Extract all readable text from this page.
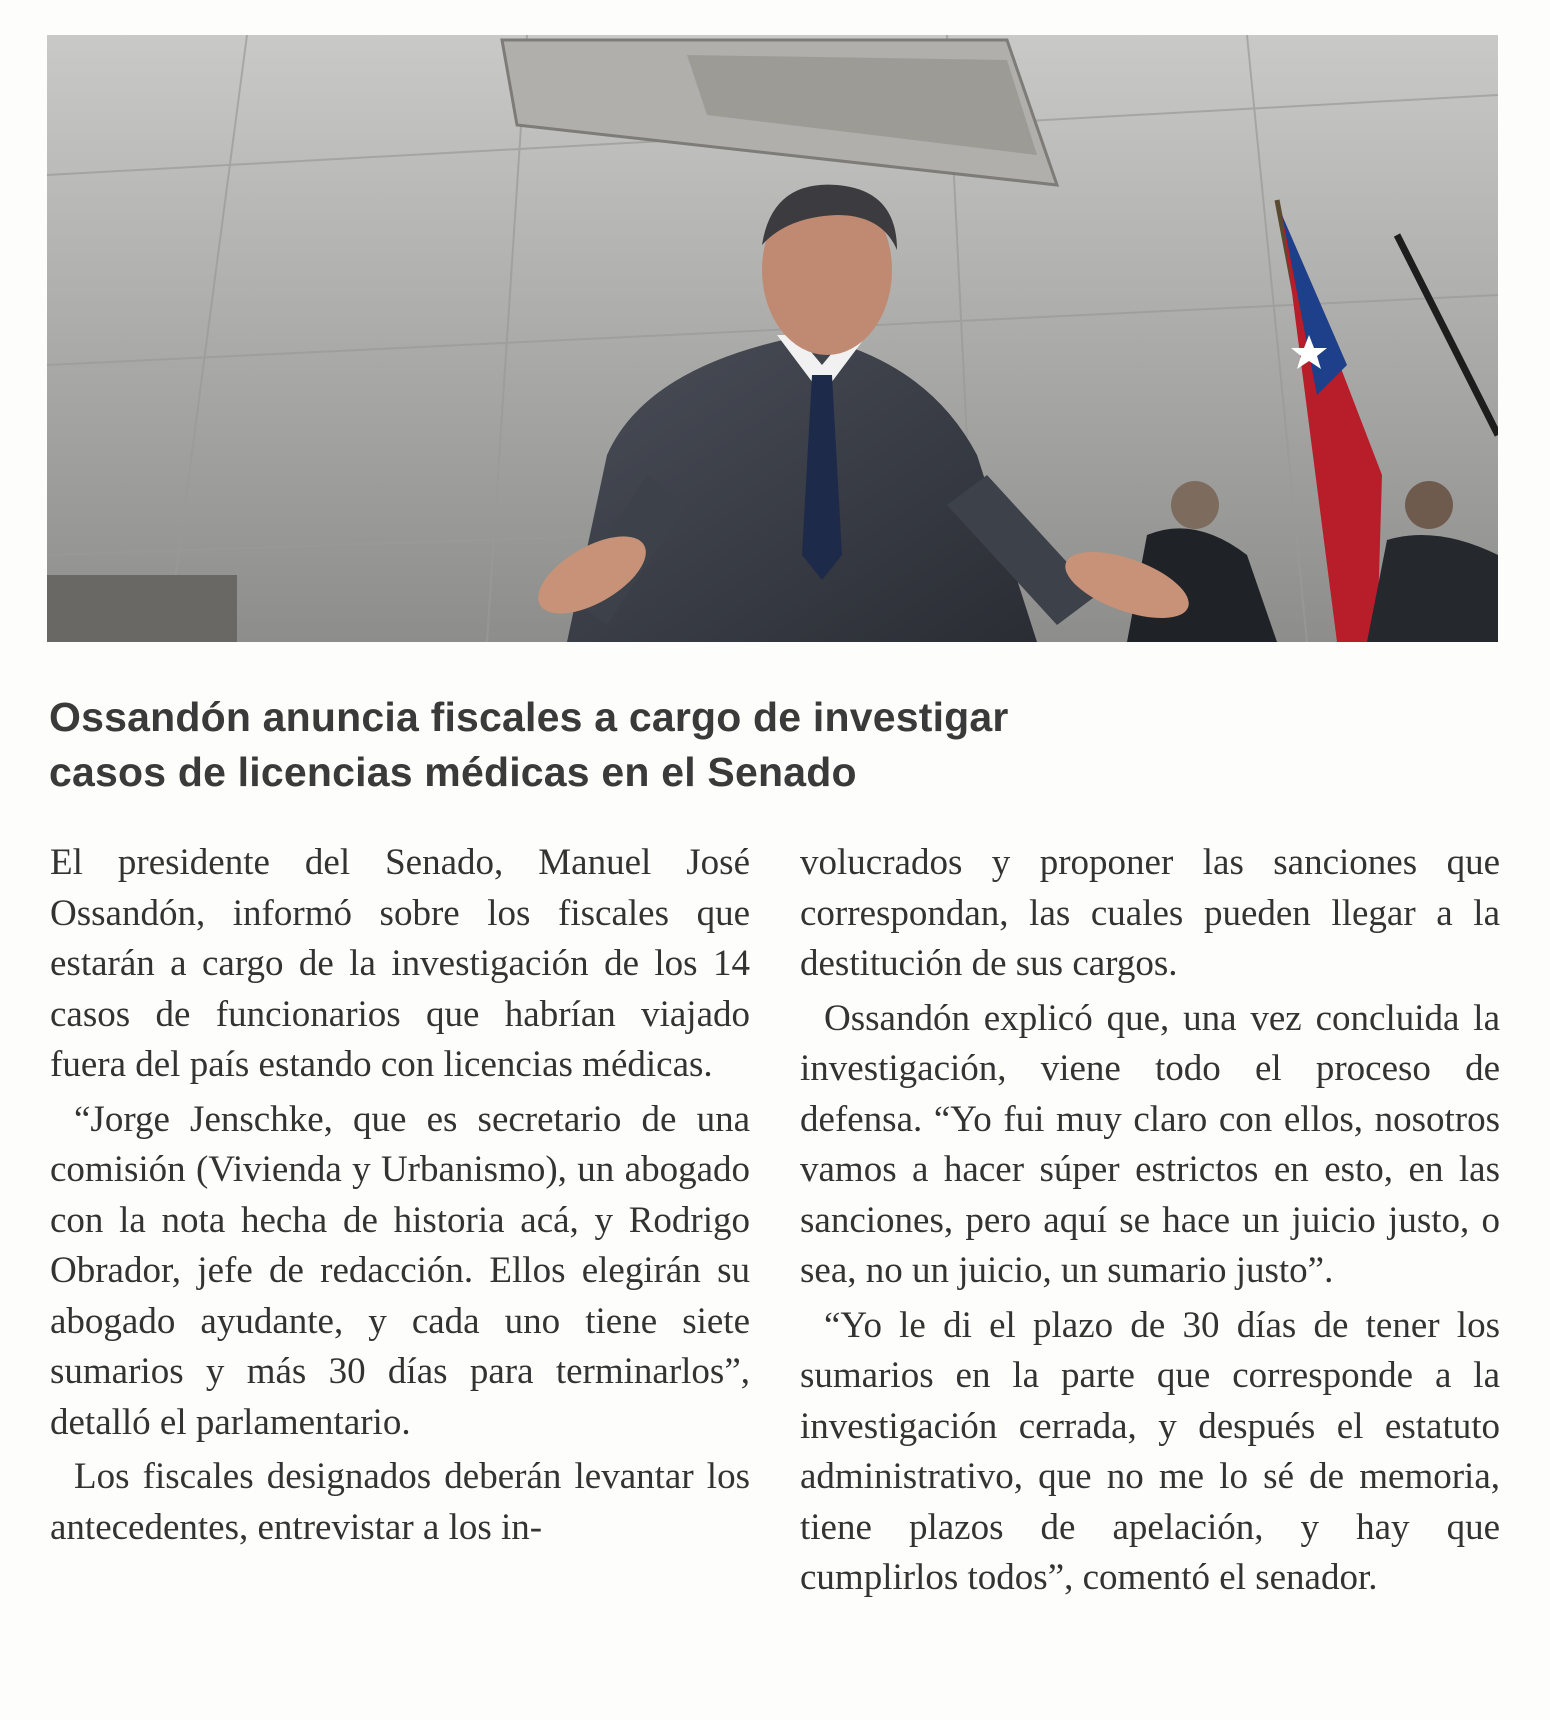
Ossandón anuncia fiscales a cargo de investigar
casos de licencias médicas en el Senado

El presidente del Senado, Manuel José Ossandón, informó sobre los fiscales que estarán a cargo de la investigación de los 14 casos de funcionarios que habrían viajado fuera del país estando con licencias médicas.

“Jorge Jenschke, que es secretario de una comisión (Vivienda y Urbanismo), un abogado con la nota hecha de historia acá, y Rodrigo Obrador, jefe de redacción. Ellos elegirán su abogado ayudante, y cada uno tiene siete sumarios y más 30 días para terminarlos”, detalló el parlamentario.

Los fiscales designados deberán levantar los antecedentes, entrevistar a los in-

volucrados y proponer las sanciones que correspondan, las cuales pueden llegar a la destitución de sus cargos.

Ossandón explicó que, una vez concluida la investigación, viene todo el proceso de defensa. “Yo fui muy claro con ellos, nosotros vamos a hacer súper estrictos en esto, en las sanciones, pero aquí se hace un juicio justo, o sea, no un juicio, un sumario justo”.

“Yo le di el plazo de 30 días de tener los sumarios en la parte que corresponde a la investigación cerrada, y después el estatuto administrativo, que no me lo sé de memoria, tiene plazos de apelación, y hay que cumplirlos todos”, comentó el senador.
